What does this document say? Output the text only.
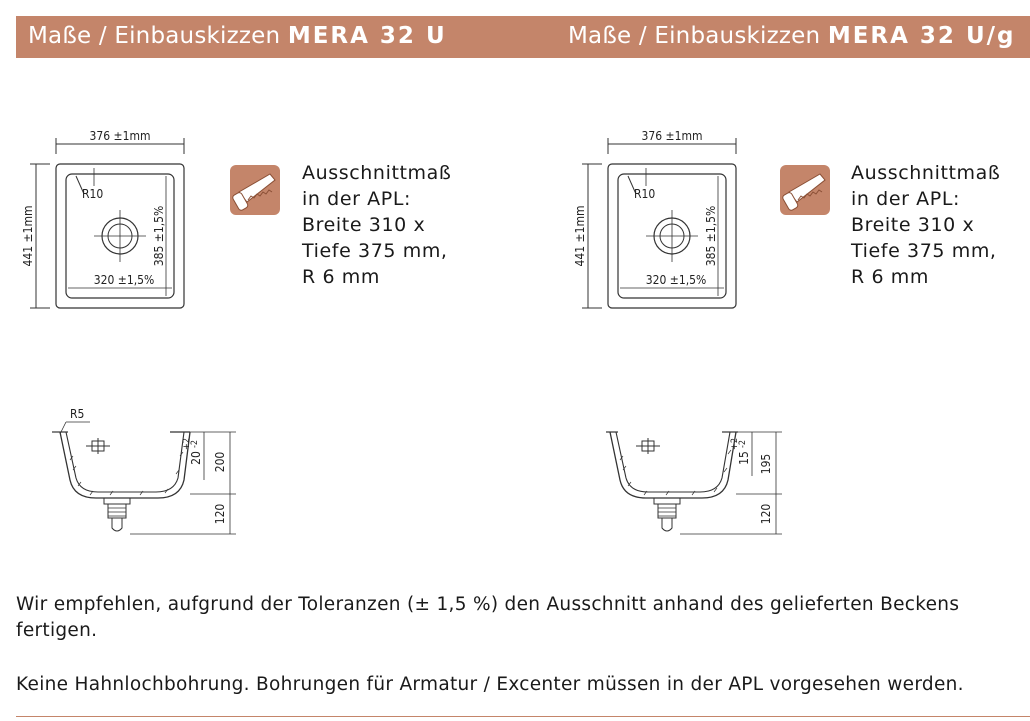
Maße / Einbauskizzen MERA 32 U	Maße / Einbauskizzen MERA 32 U/g
376 ±1mm
441 ±1mm
R10
320 ±1,5%
385 ±1,5%
Ausschnittmaß
in der APL:
Breite 310 x
Tiefe 375 mm,
R 6 mm
376 ±1mm
441 ±1mm
R10
320 ±1,5%
385 ±1,5%
Ausschnittmaß
in der APL:
Breite 310 x
Tiefe 375 mm,
R 6 mm
R5
200
120
20
+2
-2
195
120
15
+2
-2
Wir empfehlen, aufgrund der Toleranzen (± 1,5 %) den Ausschnitt anhand des gelieferten Beckens
fertigen.
Keine Hahnlochbohrung. Bohrungen für Armatur / Excenter müssen in der APL vorgesehen werden.
